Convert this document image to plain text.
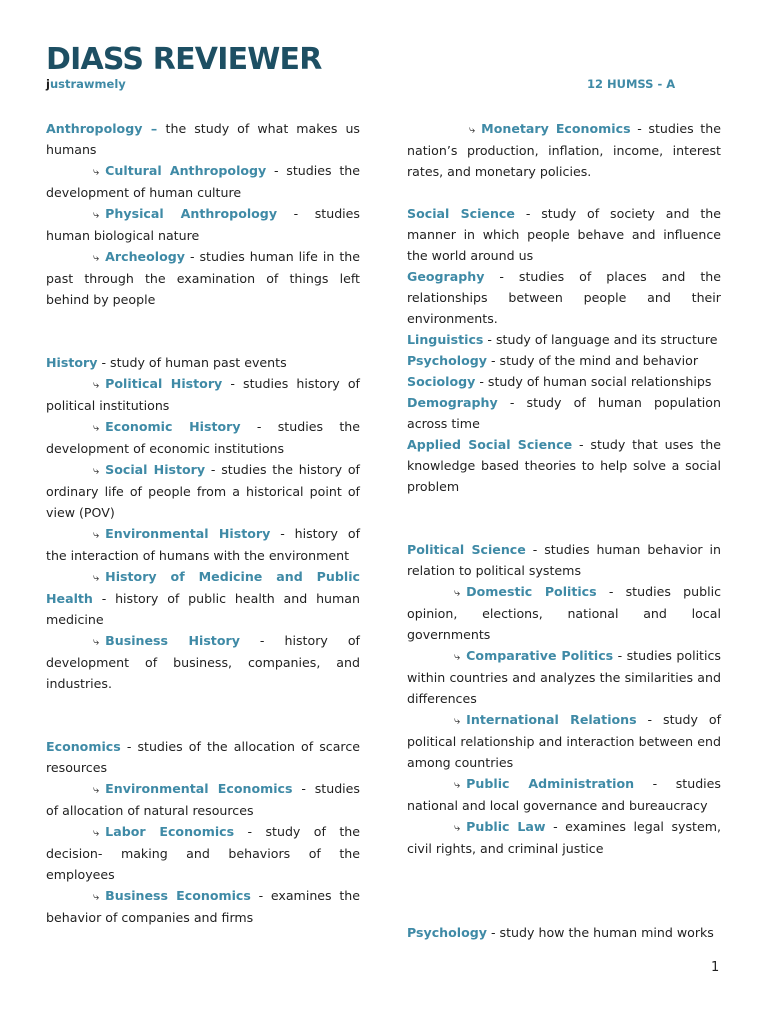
DIASS REVIEWER
justrawmely	12 HUMSS - A

Anthropology – the study of what makes us humans

⤷ Cultural Anthropology - studies the development of human culture

⤷ Physical Anthropology - studies human biological nature

⤷ Archeology - studies human life in the past through the examination of things left behind by people

History - study of human past events

⤷ Political History - studies history of political institutions

⤷ Economic History - studies the development of economic institutions

⤷ Social History - studies the history of ordinary life of people from a historical point of view (POV)

⤷ Environmental History - history of the interaction of humans with the environment

⤷ History of Medicine and Public Health - history of public health and human medicine

⤷ Business History - history of development of business, companies, and industries.

Economics - studies of the allocation of scarce resources

⤷ Environmental Economics - studies of allocation of natural resources

⤷ Labor Economics - study of the decision- making and behaviors of the employees

⤷ Business Economics - examines the behavior of companies and firms

⤷ Monetary Economics - studies the nation’s production, inflation, income, interest rates, and monetary policies.

Social Science - study of society and the manner in which people behave and influence the world around us

Geography - studies of places and the relationships between people and their environments.

Linguistics - study of language and its structure

Psychology - study of the mind and behavior

Sociology - study of human social relationships

Demography - study of human population across time

Applied Social Science - study that uses the knowledge based theories to help solve a social problem

Political Science - studies human behavior in relation to political systems

⤷ Domestic Politics - studies public opinion, elections, national and local governments

⤷ Comparative Politics - studies politics within countries and analyzes the similarities and differences

⤷ International Relations - study of political relationship and interaction between end among countries

⤷ Public Administration - studies national and local governance and bureaucracy

⤷ Public Law - examines legal system, civil rights, and criminal justice

Psychology - study how the human mind works

1
